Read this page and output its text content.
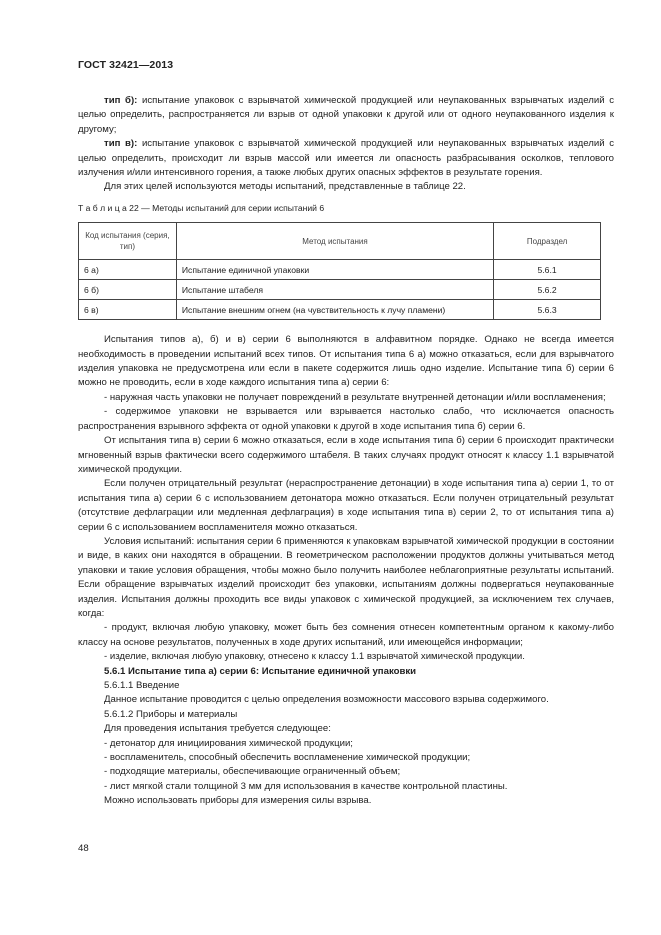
ГОСТ 32421—2013

тип б): испытание упаковок с взрывчатой химической продукцией или неупакованных взрывчатых изделий с целью определить, распространяется ли взрыв от одной упаковки к другой или от одного неупакованного изделия к другому;

тип в): испытание упаковок с взрывчатой химической продукцией или неупакованных взрывчатых изделий с целью определить, происходит ли взрыв массой или имеется ли опасность разбрасывания осколков, теплового излучения и/или интенсивного горения, а также любых других опасных эффектов в результате горения.

Для этих целей используются методы испытаний, представленные в таблице 22.

Т а б л и ц а 22 — Методы испытаний для серии испытаний 6

Код испытания (серия, тип)	Метод испытания	Подраздел
6 а)	Испытание единичной упаковки	5.6.1
6 б)	Испытание штабеля	5.6.2
6 в)	Испытание внешним огнем (на чувствительность к лучу пламени)	5.6.3

Испытания типов а), б) и в) серии 6 выполняются в алфавитном порядке. Однако не всегда имеется необходимость в проведении испытаний всех типов. От испытания типа 6 а) можно отказаться, если для взрывчатого изделия упаковка не предусмотрена или если в пакете содержится лишь одно изделие. Испытание типа б) серии 6 можно не проводить, если в ходе каждого испытания типа а) серии 6:

- наружная часть упаковки не получает повреждений в результате внутренней детонации и/или воспламенения;

- содержимое упаковки не взрывается или взрывается настолько слабо, что исключается опасность распространения взрывного эффекта от одной упаковки к другой в ходе испытания типа б) серии 6.

От испытания типа в) серии 6 можно отказаться, если в ходе испытания типа б) серии 6 происходит практически мгновенный взрыв фактически всего содержимого штабеля. В таких случаях продукт относят к классу 1.1 взрывчатой химической продукции.

Если получен отрицательный результат (нераспространение детонации) в ходе испытания типа а) серии 1, то от испытания типа а) серии 6 с использованием детонатора можно отказаться. Если получен отрицательный результат (отсутствие дефлаграции или медленная дефлаграция) в ходе испытания типа в) серии 2, то от испытания типа а) серии 6 с использованием воспламенителя можно отказаться.

Условия испытаний: испытания серии 6 применяются к упаковкам взрывчатой химической продукции в состоянии и виде, в каких они находятся в обращении. В геометрическом расположении продуктов должны учитываться метод упаковки и такие условия обращения, чтобы можно было получить наиболее неблагоприятные результаты испытаний. Если обращение взрывчатых изделий происходит без упаковки, испытаниям должны подвергаться неупакованные изделия. Испытания должны проходить все виды упаковок с химической продукцией, за исключением тех случаев, когда:

- продукт, включая любую упаковку, может быть без сомнения отнесен компетентным органом к какому-либо классу на основе результатов, полученных в ходе других испытаний, или имеющейся информации;

- изделие, включая любую упаковку, отнесено к классу 1.1 взрывчатой химической продукции.

5.6.1 Испытание типа а) серии 6: Испытание единичной упаковки

5.6.1.1 Введение

Данное испытание проводится с целью определения возможности массового взрыва содержимого.

5.6.1.2 Приборы и материалы

Для проведения испытания требуется следующее:

- детонатор для инициирования химической продукции;

- воспламенитель, способный обеспечить воспламенение химической продукции;

- подходящие материалы, обеспечивающие ограниченный объем;

- лист мягкой стали толщиной 3 мм для использования в качестве контрольной пластины.

Можно использовать приборы для измерения силы взрыва.

48
